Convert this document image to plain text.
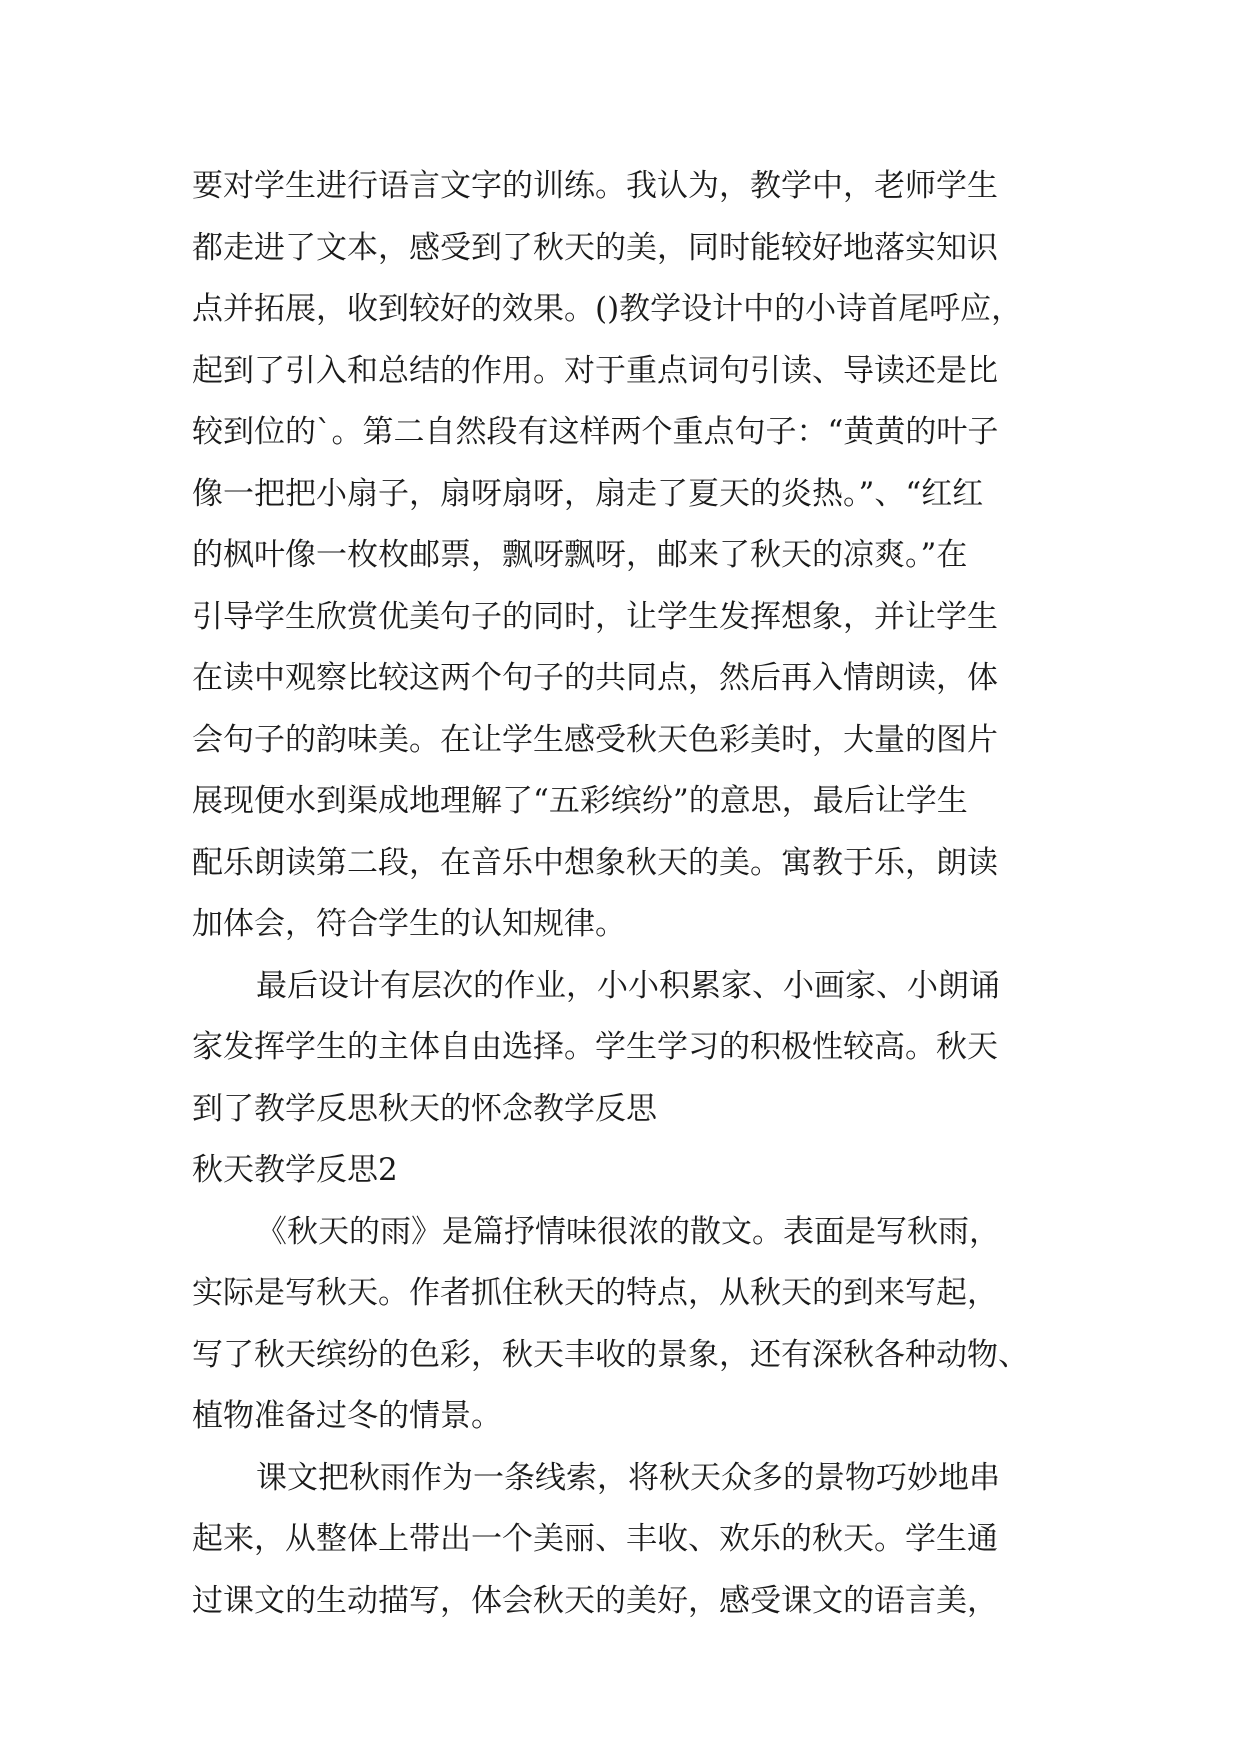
要对学生进行语言文字的训练。我认为，教学中，老师学生
都走进了文本，感受到了秋天的美，同时能较好地落实知识
点并拓展，收到较好的效果。()教学设计中的小诗首尾呼应，
起到了引入和总结的作用。对于重点词句引读、导读还是比
较到位的`。第二自然段有这样两个重点句子：“黄黄的叶子
像一把把小扇子，扇呀扇呀，扇走了夏天的炎热。”、“红红
的枫叶像一枚枚邮票，飘呀飘呀，邮来了秋天的凉爽。”在
引导学生欣赏优美句子的同时，让学生发挥想象，并让学生
在读中观察比较这两个句子的共同点，然后再入情朗读，体
会句子的韵味美。在让学生感受秋天色彩美时，大量的图片
展现便水到渠成地理解了“五彩缤纷”的意思，最后让学生
配乐朗读第二段，在音乐中想象秋天的美。寓教于乐，朗读
加体会，符合学生的认知规律。
最后设计有层次的作业，小小积累家、小画家、小朗诵
家发挥学生的主体自由选择。学生学习的积极性较高。秋天
到了教学反思秋天的怀念教学反思
秋天教学反思2
《秋天的雨》是篇抒情味很浓的散文。表面是写秋雨，
实际是写秋天。作者抓住秋天的特点，从秋天的到来写起，
写了秋天缤纷的色彩，秋天丰收的景象，还有深秋各种动物、
植物准备过冬的情景。
课文把秋雨作为一条线索，将秋天众多的景物巧妙地串
起来，从整体上带出一个美丽、丰收、欢乐的秋天。学生通
过课文的生动描写，体会秋天的美好，感受课文的语言美，
